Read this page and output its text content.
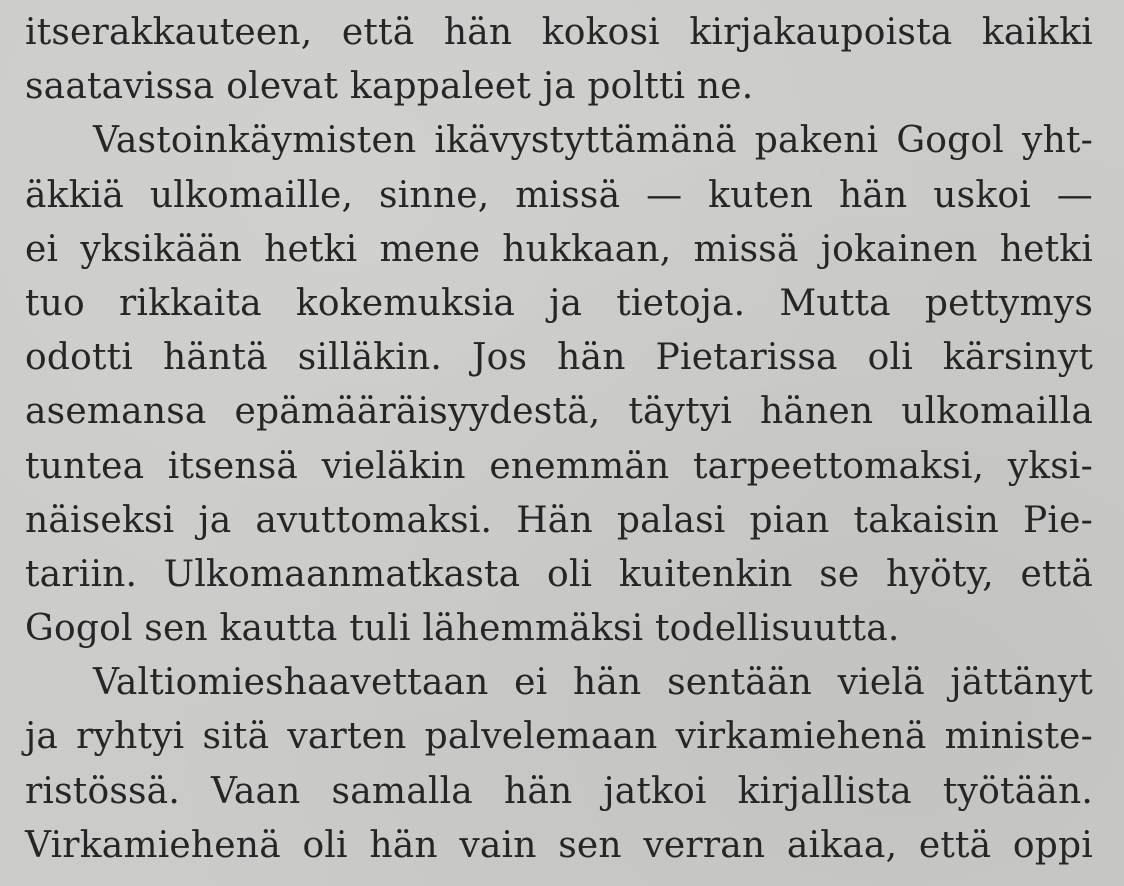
itserakkauteen, että hän kokosi kirjakaupoista kaikki
saatavissa olevat kappaleet ja poltti ne.
Vastoinkäymisten ikävystyttämänä pakeni Gogol yht-
äkkiä ulkomaille, sinne, missä — kuten hän uskoi —
ei yksikään hetki mene hukkaan, missä jokainen hetki
tuo rikkaita kokemuksia ja tietoja. Mutta pettymys
odotti häntä silläkin. Jos hän Pietarissa oli kärsinyt
asemansa epämääräisyydestä, täytyi hänen ulkomailla
tuntea itsensä vieläkin enemmän tarpeettomaksi, yksi-
näiseksi ja avuttomaksi. Hän palasi pian takaisin Pie-
tariin. Ulkomaanmatkasta oli kuitenkin se hyöty, että
Gogol sen kautta tuli lähemmäksi todellisuutta.
Valtiomieshaavettaan ei hän sentään vielä jättänyt
ja ryhtyi sitä varten palvelemaan virkamiehenä ministe-
ristössä. Vaan samalla hän jatkoi kirjallista työtään.
Virkamiehenä oli hän vain sen verran aikaa, että oppi
